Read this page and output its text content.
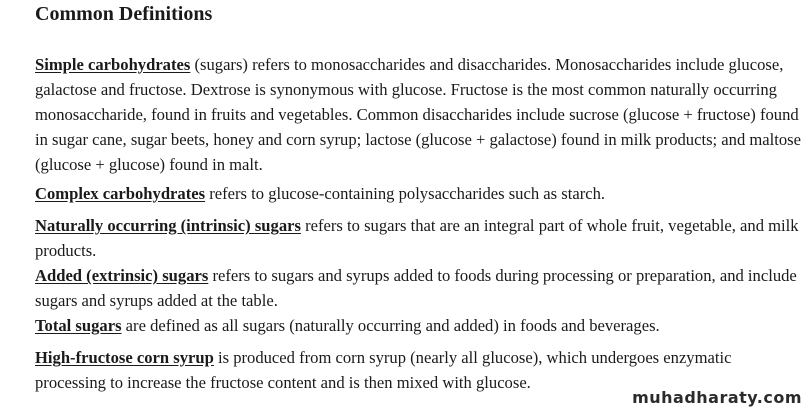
Common Definitions

Simple carbohydrates (sugars) refers to monosaccharides and disaccharides. Monosaccharides include glucose, galactose and fructose. Dextrose is synonymous with glucose. Fructose is the most common naturally occurring monosaccharide, found in fruits and vegetables. Common disaccharides include sucrose (glucose + fructose) found in sugar cane, sugar beets, honey and corn syrup; lactose (glucose + galactose) found in milk products; and maltose (glucose + glucose) found in malt.

Complex carbohydrates refers to glucose-containing polysaccharides such as starch.

Naturally occurring (intrinsic) sugars refers to sugars that are an integral part of whole fruit, vegetable, and milk products.

Added (extrinsic) sugars refers to sugars and syrups added to foods during processing or preparation, and include sugars and syrups added at the table.

Total sugars are defined as all sugars (naturally occurring and added) in foods and beverages.

High-fructose corn syrup is produced from corn syrup (nearly all glucose), which undergoes enzymatic processing to increase the fructose content and is then mixed with glucose.

muhadharaty.com
